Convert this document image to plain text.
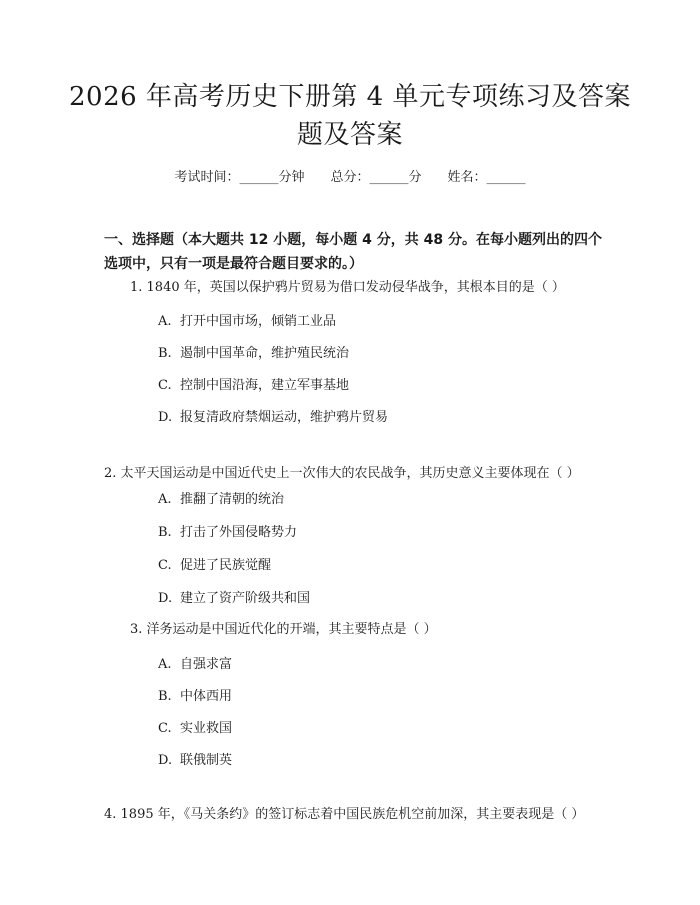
2026 年高考历史下册第 4 单元专项练习及答案题及答案
考试时间：______分钟 总分：______分 姓名：______
一、选择题（本大题共 12 小题，每小题 4 分，共 48 分。在每小题列出的四个选项中，只有一项是最符合题目要求的。）
1. 1840 年，英国以保护鸦片贸易为借口发动侵华战争，其根本目的是（ ）
A. 打开中国市场，倾销工业品
B. 遏制中国革命，维护殖民统治
C. 控制中国沿海，建立军事基地
D. 报复清政府禁烟运动，维护鸦片贸易
2. 太平天国运动是中国近代史上一次伟大的农民战争，其历史意义主要体现在（ ）
A. 推翻了清朝的统治
B. 打击了外国侵略势力
C. 促进了民族觉醒
D. 建立了资产阶级共和国
3. 洋务运动是中国近代化的开端，其主要特点是（ ）
A. 自强求富
B. 中体西用
C. 实业救国
D. 联俄制英
4. 1895 年，《马关条约》的签订标志着中国民族危机空前加深，其主要表现是（ ）
